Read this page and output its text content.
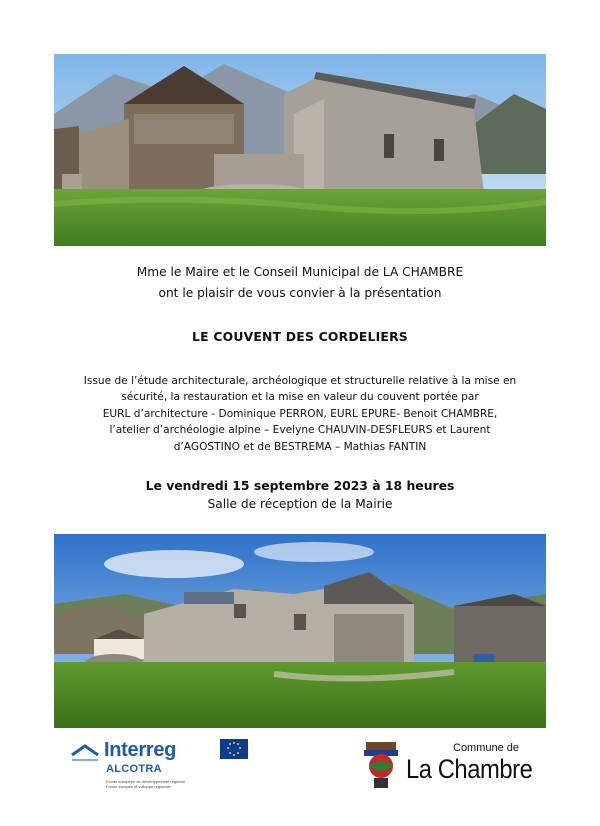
Mme le Maire et le Conseil Municipal de LA CHAMBRE
ont le plaisir de vous convier à la présentation
LE COUVENT DES CORDELIERS
Issue de l’étude architecturale, archéologique et structurelle relative à la mise en
sécurité, la restauration et la mise en valeur du couvent portée par
EURL d’architecture - Dominique PERRON, EURL EPURE- Benoit CHAMBRE,
l’atelier d’archéologie alpine – Evelyne CHAUVIN-DESFLEURS et Laurent
d’AGOSTINO et de BESTREMA – Mathias FANTIN
Le vendredi 15 septembre 2023 à 18 heures
Salle de réception de la Mairie
Interreg
ALCOTRA
Fonds européen de développement régional
Fondo europeo di sviluppo regionale
Commune de
La Chambre
